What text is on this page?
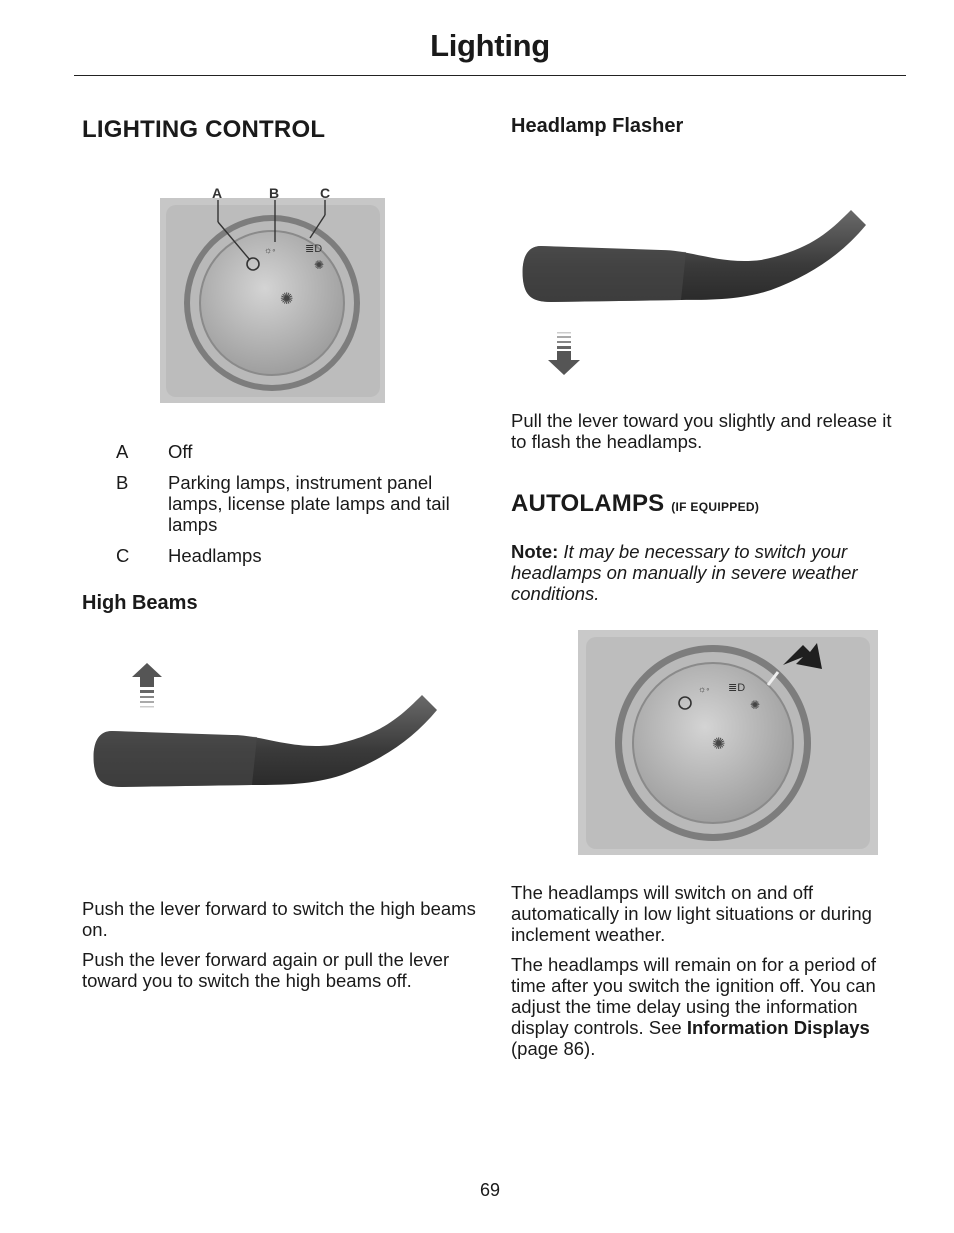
Lighting
LIGHTING CONTROL
☼◦	≣D
✺
✺
A	B	C
A Off
B Parking lamps, instrument panel lamps, license plate lamps and tail lamps
C Headlamps
High Beams

Push the lever forward to switch the high beams on.

Push the lever forward again or pull the lever toward you to switch the high beams off.

Headlamp Flasher

Pull the lever toward you slightly and release it to flash the headlamps.

AUTOLAMPS (IF EQUIPPED)
Note: It may be necessary to switch your headlamps on manually in severe weather conditions.
☼◦ ≣D
✺
✺

The headlamps will switch on and off automatically in low light situations or during inclement weather.

The headlamps will remain on for a period of time after you switch the ignition off. You can adjust the time delay using the information display controls. See Information Displays (page 86).

69
